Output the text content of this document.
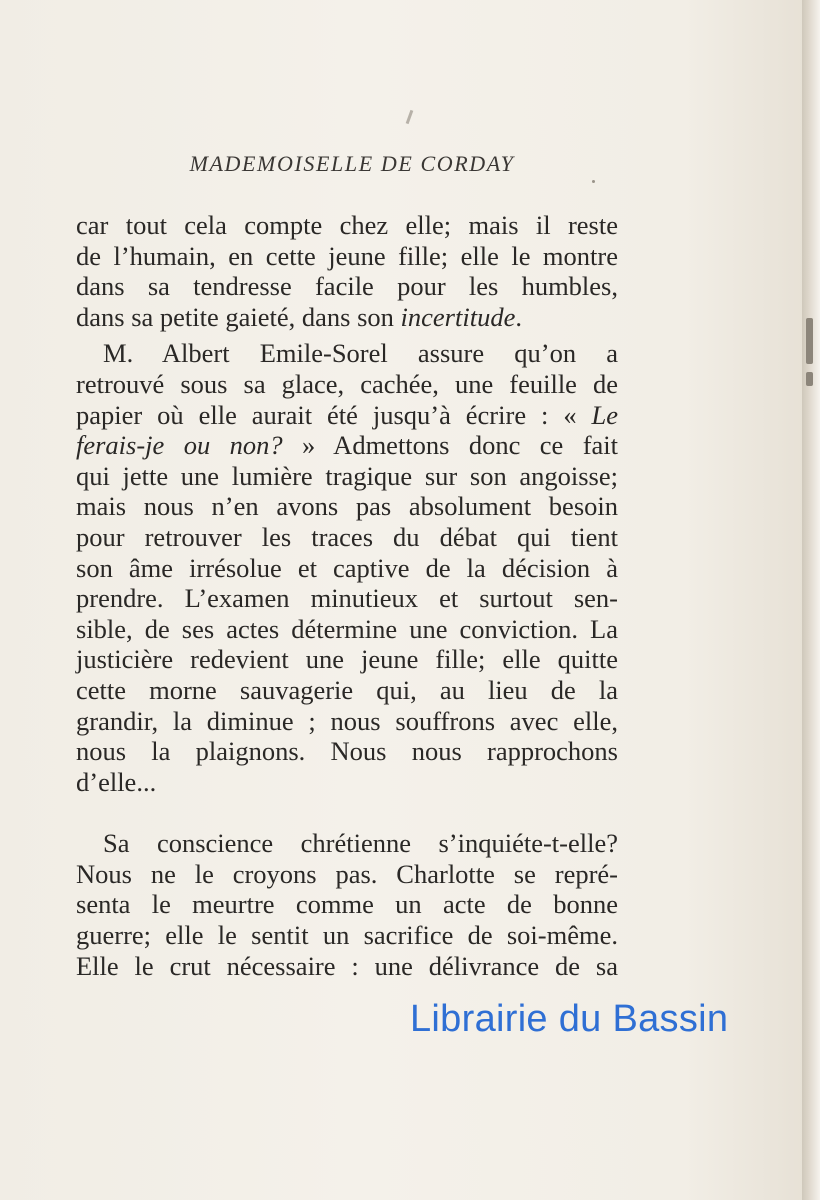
MADEMOISELLE DE CORDAY
car tout cela compte chez elle; mais il reste
de l’humain, en cette jeune fille; elle le montre
dans sa tendresse facile pour les humbles,
dans sa petite gaieté, dans son incertitude.
M. Albert Emile-Sorel assure qu’on a
retrouvé sous sa glace, cachée, une feuille de
papier où elle aurait été jusqu’à écrire : « Le
ferais-je ou non? » Admettons donc ce fait
qui jette une lumière tragique sur son angoisse;
mais nous n’en avons pas absolument besoin
pour retrouver les traces du débat qui tient
son âme irrésolue et captive de la décision à
prendre. L’examen minutieux et surtout sen-
sible, de ses actes détermine une conviction. La
justicière redevient une jeune fille; elle quitte
cette morne sauvagerie qui, au lieu de la
grandir, la diminue ; nous souffrons avec elle,
nous la plaignons. Nous nous rapprochons
d’elle...
Sa conscience chrétienne s’inquiéte-t-elle?
Nous ne le croyons pas. Charlotte se repré-
senta le meurtre comme un acte de bonne
guerre; elle le sentit un sacrifice de soi-même.
Elle le crut nécessaire : une délivrance de sa
Librairie du Bassin
